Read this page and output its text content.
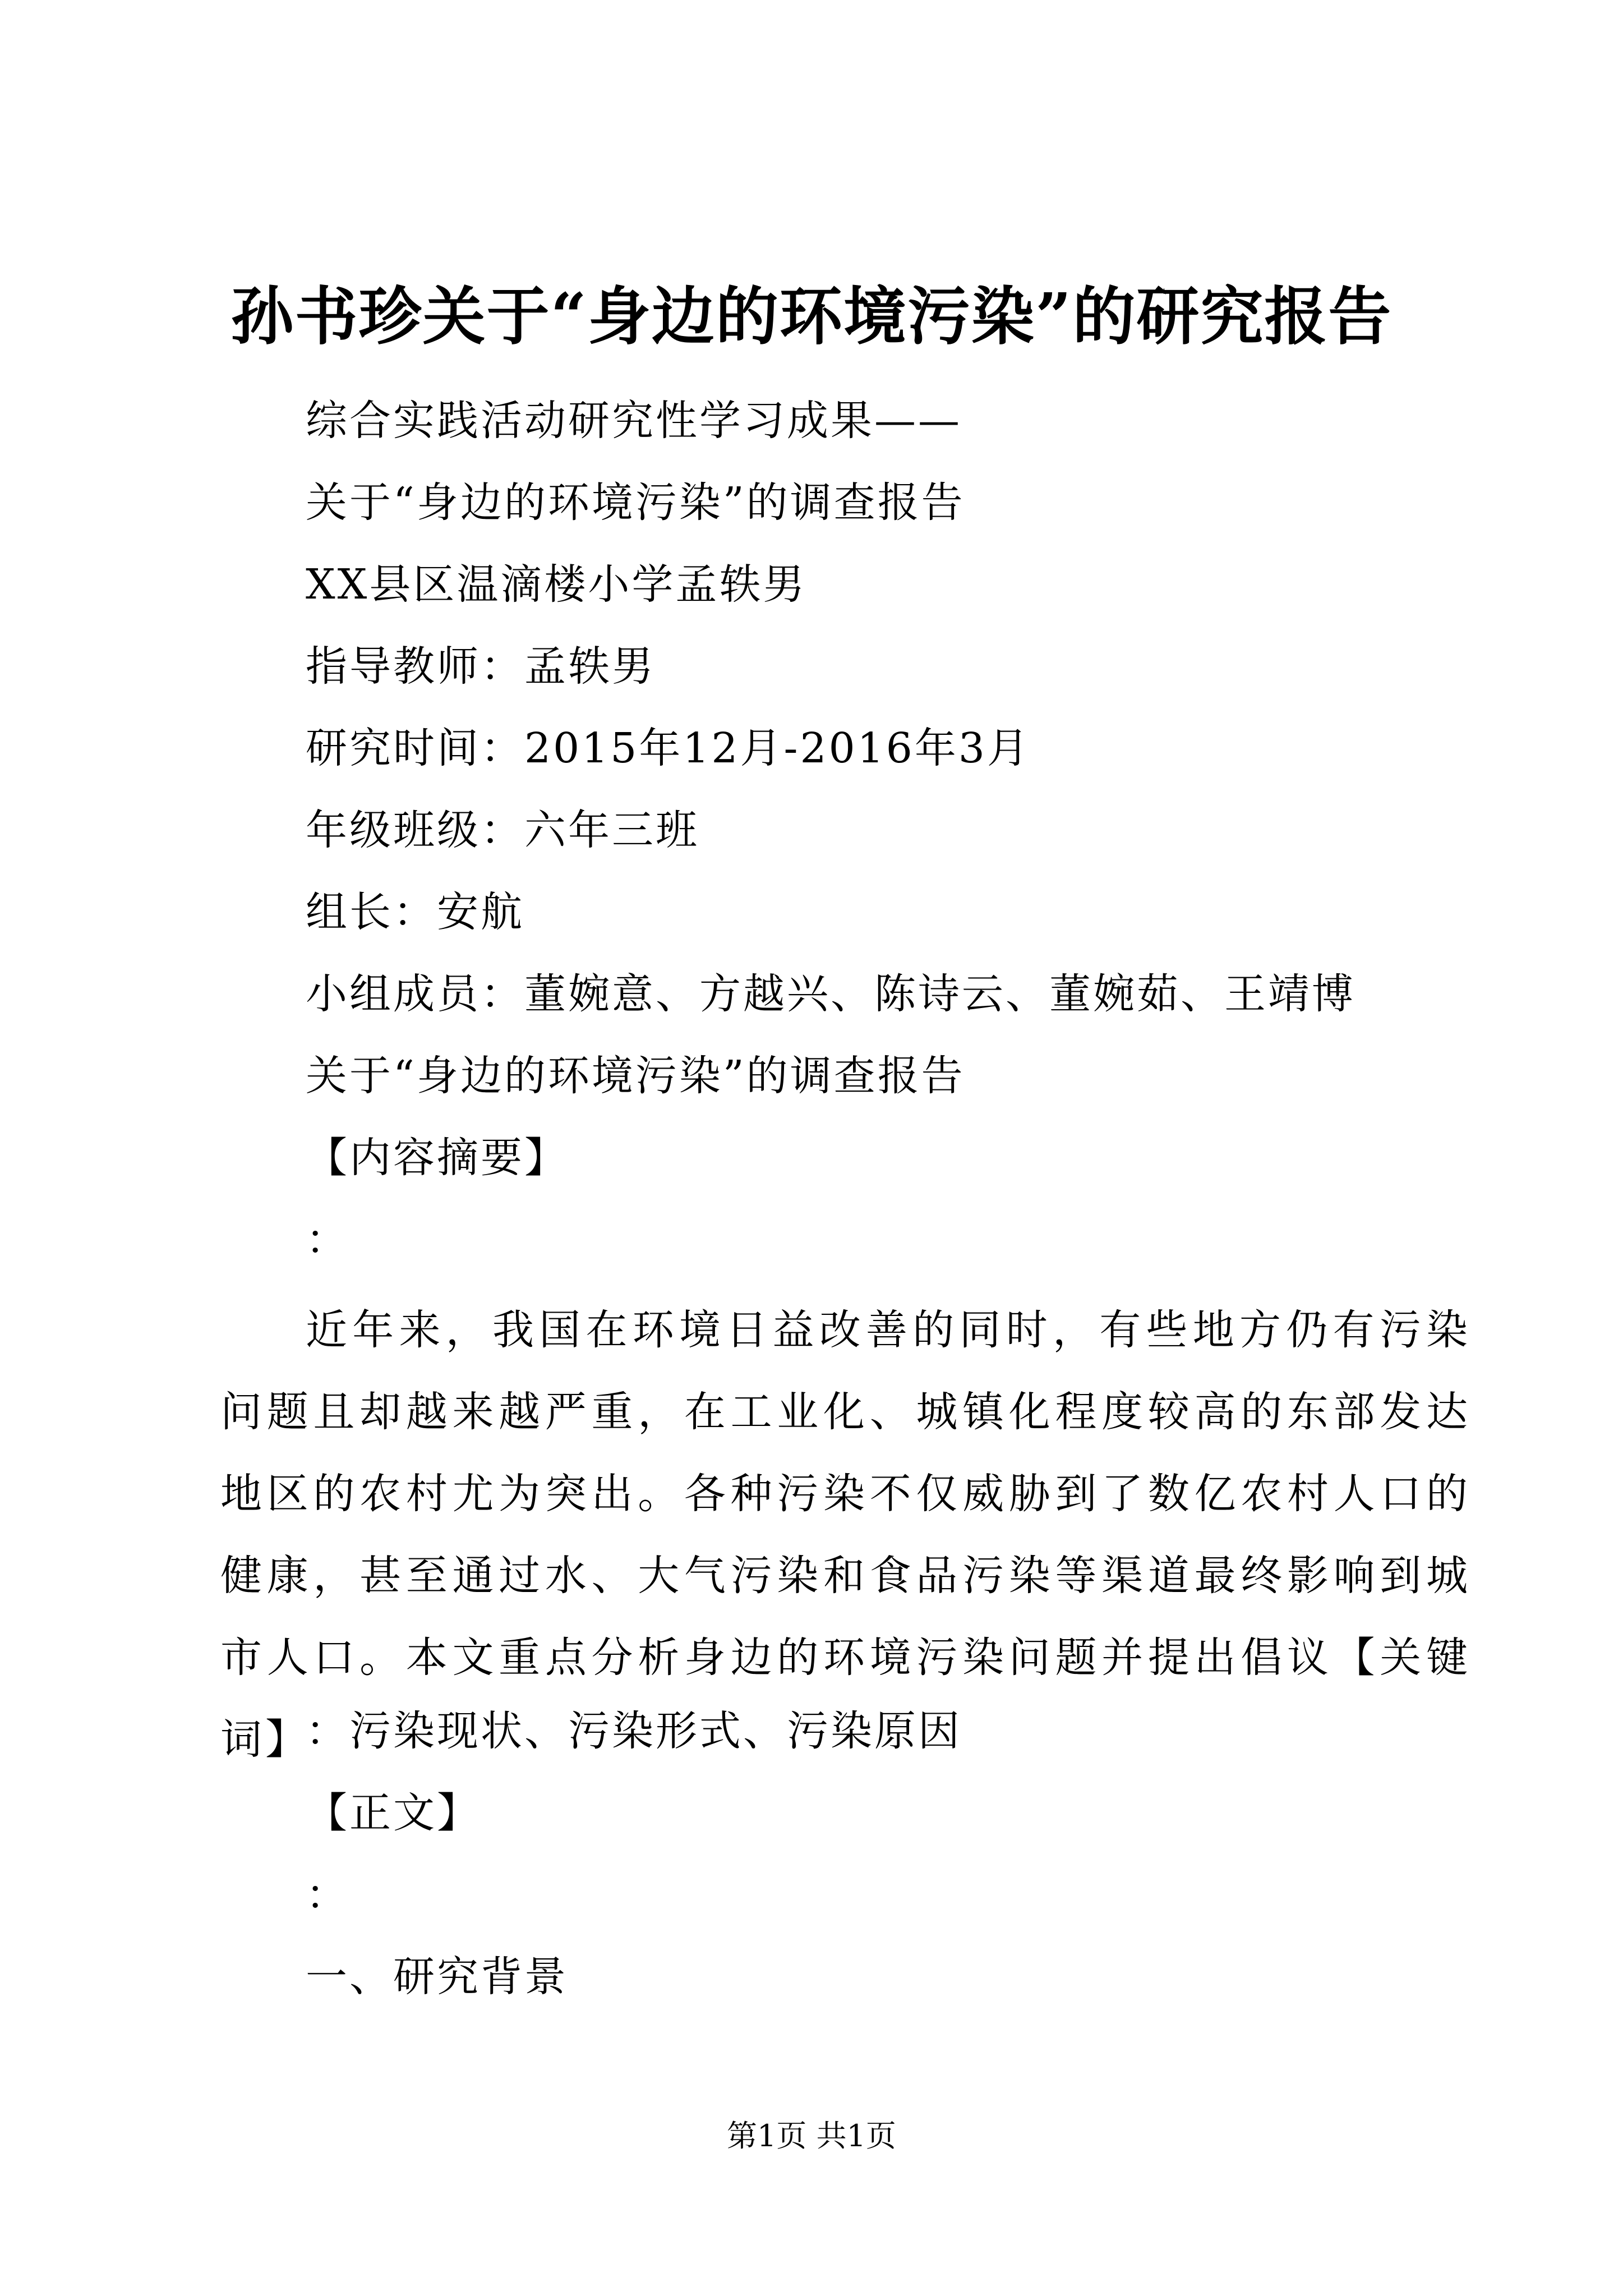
孙书珍关于“身边的环境污染”的研究报告
综合实践活动研究性学习成果——
关于“身边的环境污染”的调查报告
XX县区温滴楼小学孟轶男
指导教师：孟轶男
研究时间：2015年12月-2016年3月
年级班级：六年三班
组长：安航
小组成员：董婉意、方越兴、陈诗云、董婉茹、王靖博
关于“身边的环境污染”的调查报告
【内容摘要】
：
近年来，我国在环境日益改善的同时，有些地方仍有污染问题且却越来越严重，在工业化、城镇化程度较高的东部发达地区的农村尤为突出。各种污染不仅威胁到了数亿农村人口的健康，甚至通过水、大气污染和食品污染等渠道最终影响到城市人口。本文重点分析身边的环境污染问题并提出倡议【关键词】
：污染现状、污染形式、污染原因
【正文】
：
一、研究背景
第1页 共1页
